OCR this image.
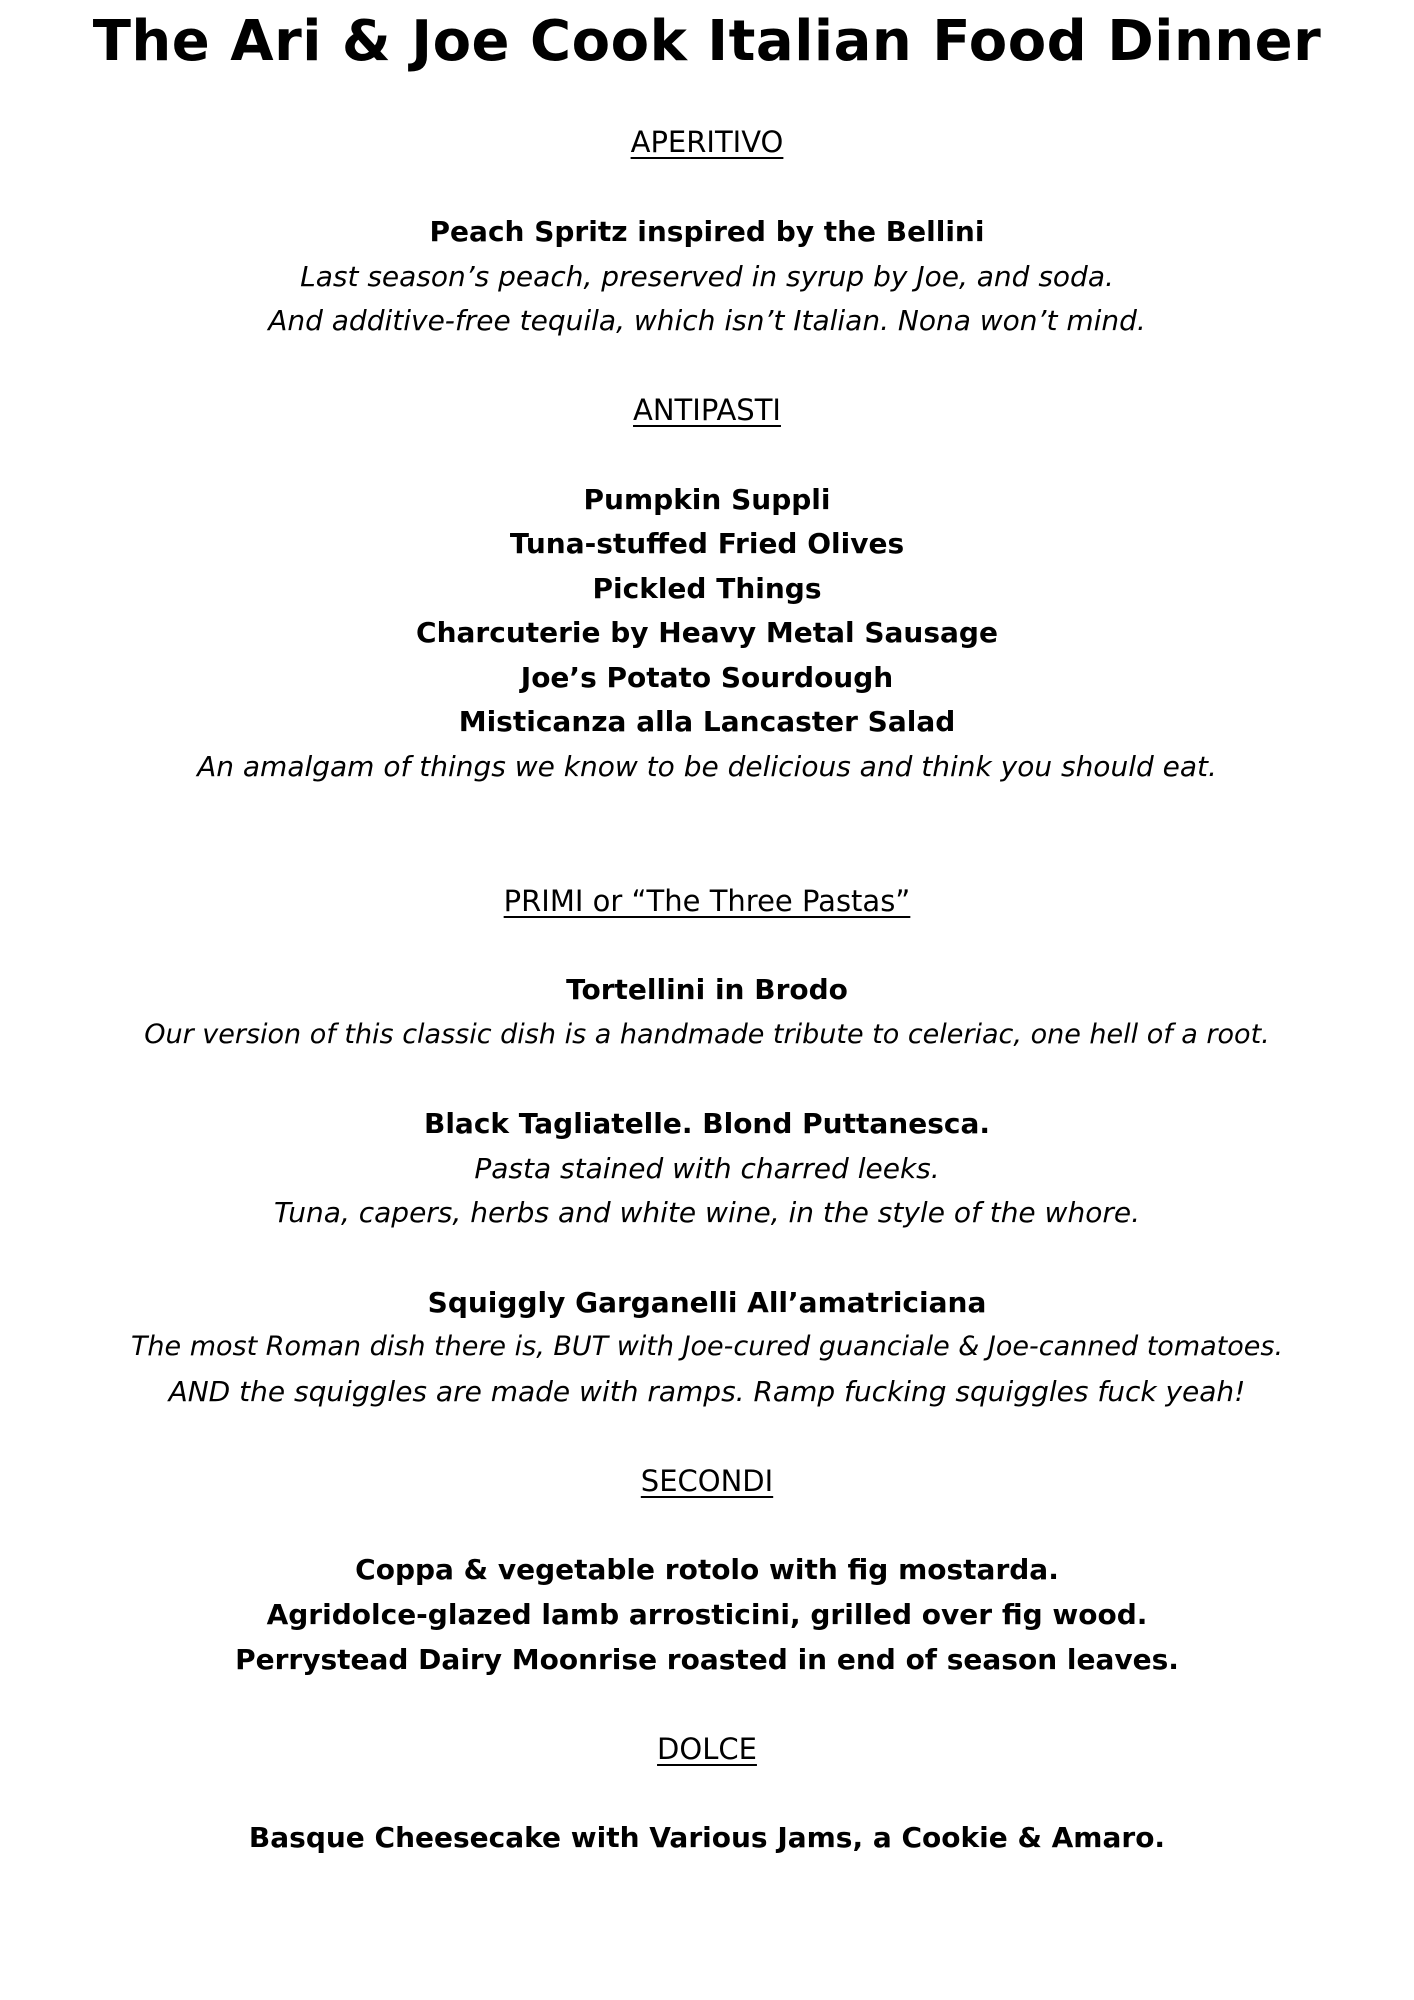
The Ari & Joe Cook Italian Food Dinner

APERITIVO

Peach Spritz inspired by the Bellini

Last season’s peach, preserved in syrup by Joe, and soda.

And additive-free tequila, which isn’t Italian. Nona won’t mind.

ANTIPASTI

Pumpkin Suppli

Tuna-stuffed Fried Olives

Pickled Things

Charcuterie by Heavy Metal Sausage

Joe’s Potato Sourdough

Misticanza alla Lancaster Salad

An amalgam of things we know to be delicious and think you should eat.

PRIMI or “The Three Pastas”

Tortellini in Brodo

Our version of this classic dish is a handmade tribute to celeriac, one hell of a root.

Black Tagliatelle. Blond Puttanesca.

Pasta stained with charred leeks.

Tuna, capers, herbs and white wine, in the style of the whore.

Squiggly Garganelli All’amatriciana

The most Roman dish there is, BUT with Joe-cured guanciale & Joe-canned tomatoes.

AND the squiggles are made with ramps. Ramp fucking squiggles fuck yeah!

SECONDI

Coppa & vegetable rotolo with fig mostarda.

Agridolce-glazed lamb arrosticini, grilled over fig wood.

Perrystead Dairy Moonrise roasted in end of season leaves.

DOLCE

Basque Cheesecake with Various Jams, a Cookie & Amaro.
